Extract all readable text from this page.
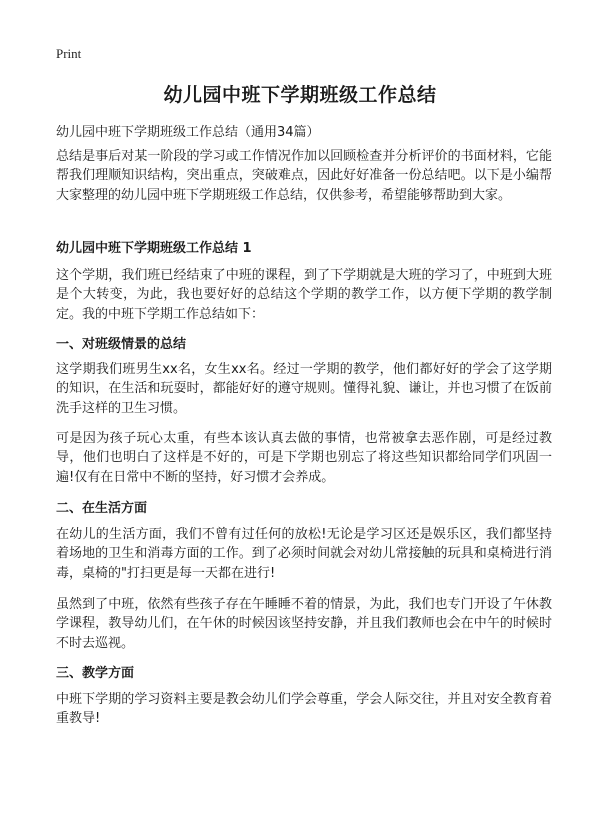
Print
幼儿园中班下学期班级工作总结

幼儿园中班下学期班级工作总结（通用34篇）

总结是事后对某一阶段的学习或工作情况作加以回顾检查并分析评价的书面材料，它能帮我们理顺知识结构，突出重点，突破难点，因此好好准备一份总结吧。以下是小编帮大家整理的幼儿园中班下学期班级工作总结，仅供参考，希望能够帮助到大家。

幼儿园中班下学期班级工作总结 1

这个学期，我们班已经结束了中班的课程，到了下学期就是大班的学习了，中班到大班是个大转变，为此，我也要好好的总结这个学期的教学工作，以方便下学期的教学制定。我的中班下学期工作总结如下：

一、对班级情景的总结

这学期我们班男生xx名，女生xx名。经过一学期的教学，他们都好好的学会了这学期的知识，在生活和玩耍时，都能好好的遵守规则。懂得礼貌、谦让，并也习惯了在饭前洗手这样的卫生习惯。

可是因为孩子玩心太重，有些本该认真去做的事情，也常被拿去恶作剧，可是经过教导，他们也明白了这样是不好的，可是下学期也别忘了将这些知识都给同学们巩固一遍!仅有在日常中不断的坚持，好习惯才会养成。

二、在生活方面

在幼儿的生活方面，我们不曾有过任何的放松!无论是学习区还是娱乐区，我们都坚持着场地的卫生和消毒方面的工作。到了必须时间就会对幼儿常接触的玩具和桌椅进行消毒，桌椅的"打扫更是每一天都在进行!

虽然到了中班，依然有些孩子存在午睡睡不着的情景，为此，我们也专门开设了午休教学课程，教导幼儿们，在午休的时候因该坚持安静，并且我们教师也会在中午的时候时不时去巡视。

三、教学方面

中班下学期的学习资料主要是教会幼儿们学会尊重，学会人际交往，并且对安全教育着重教导!
